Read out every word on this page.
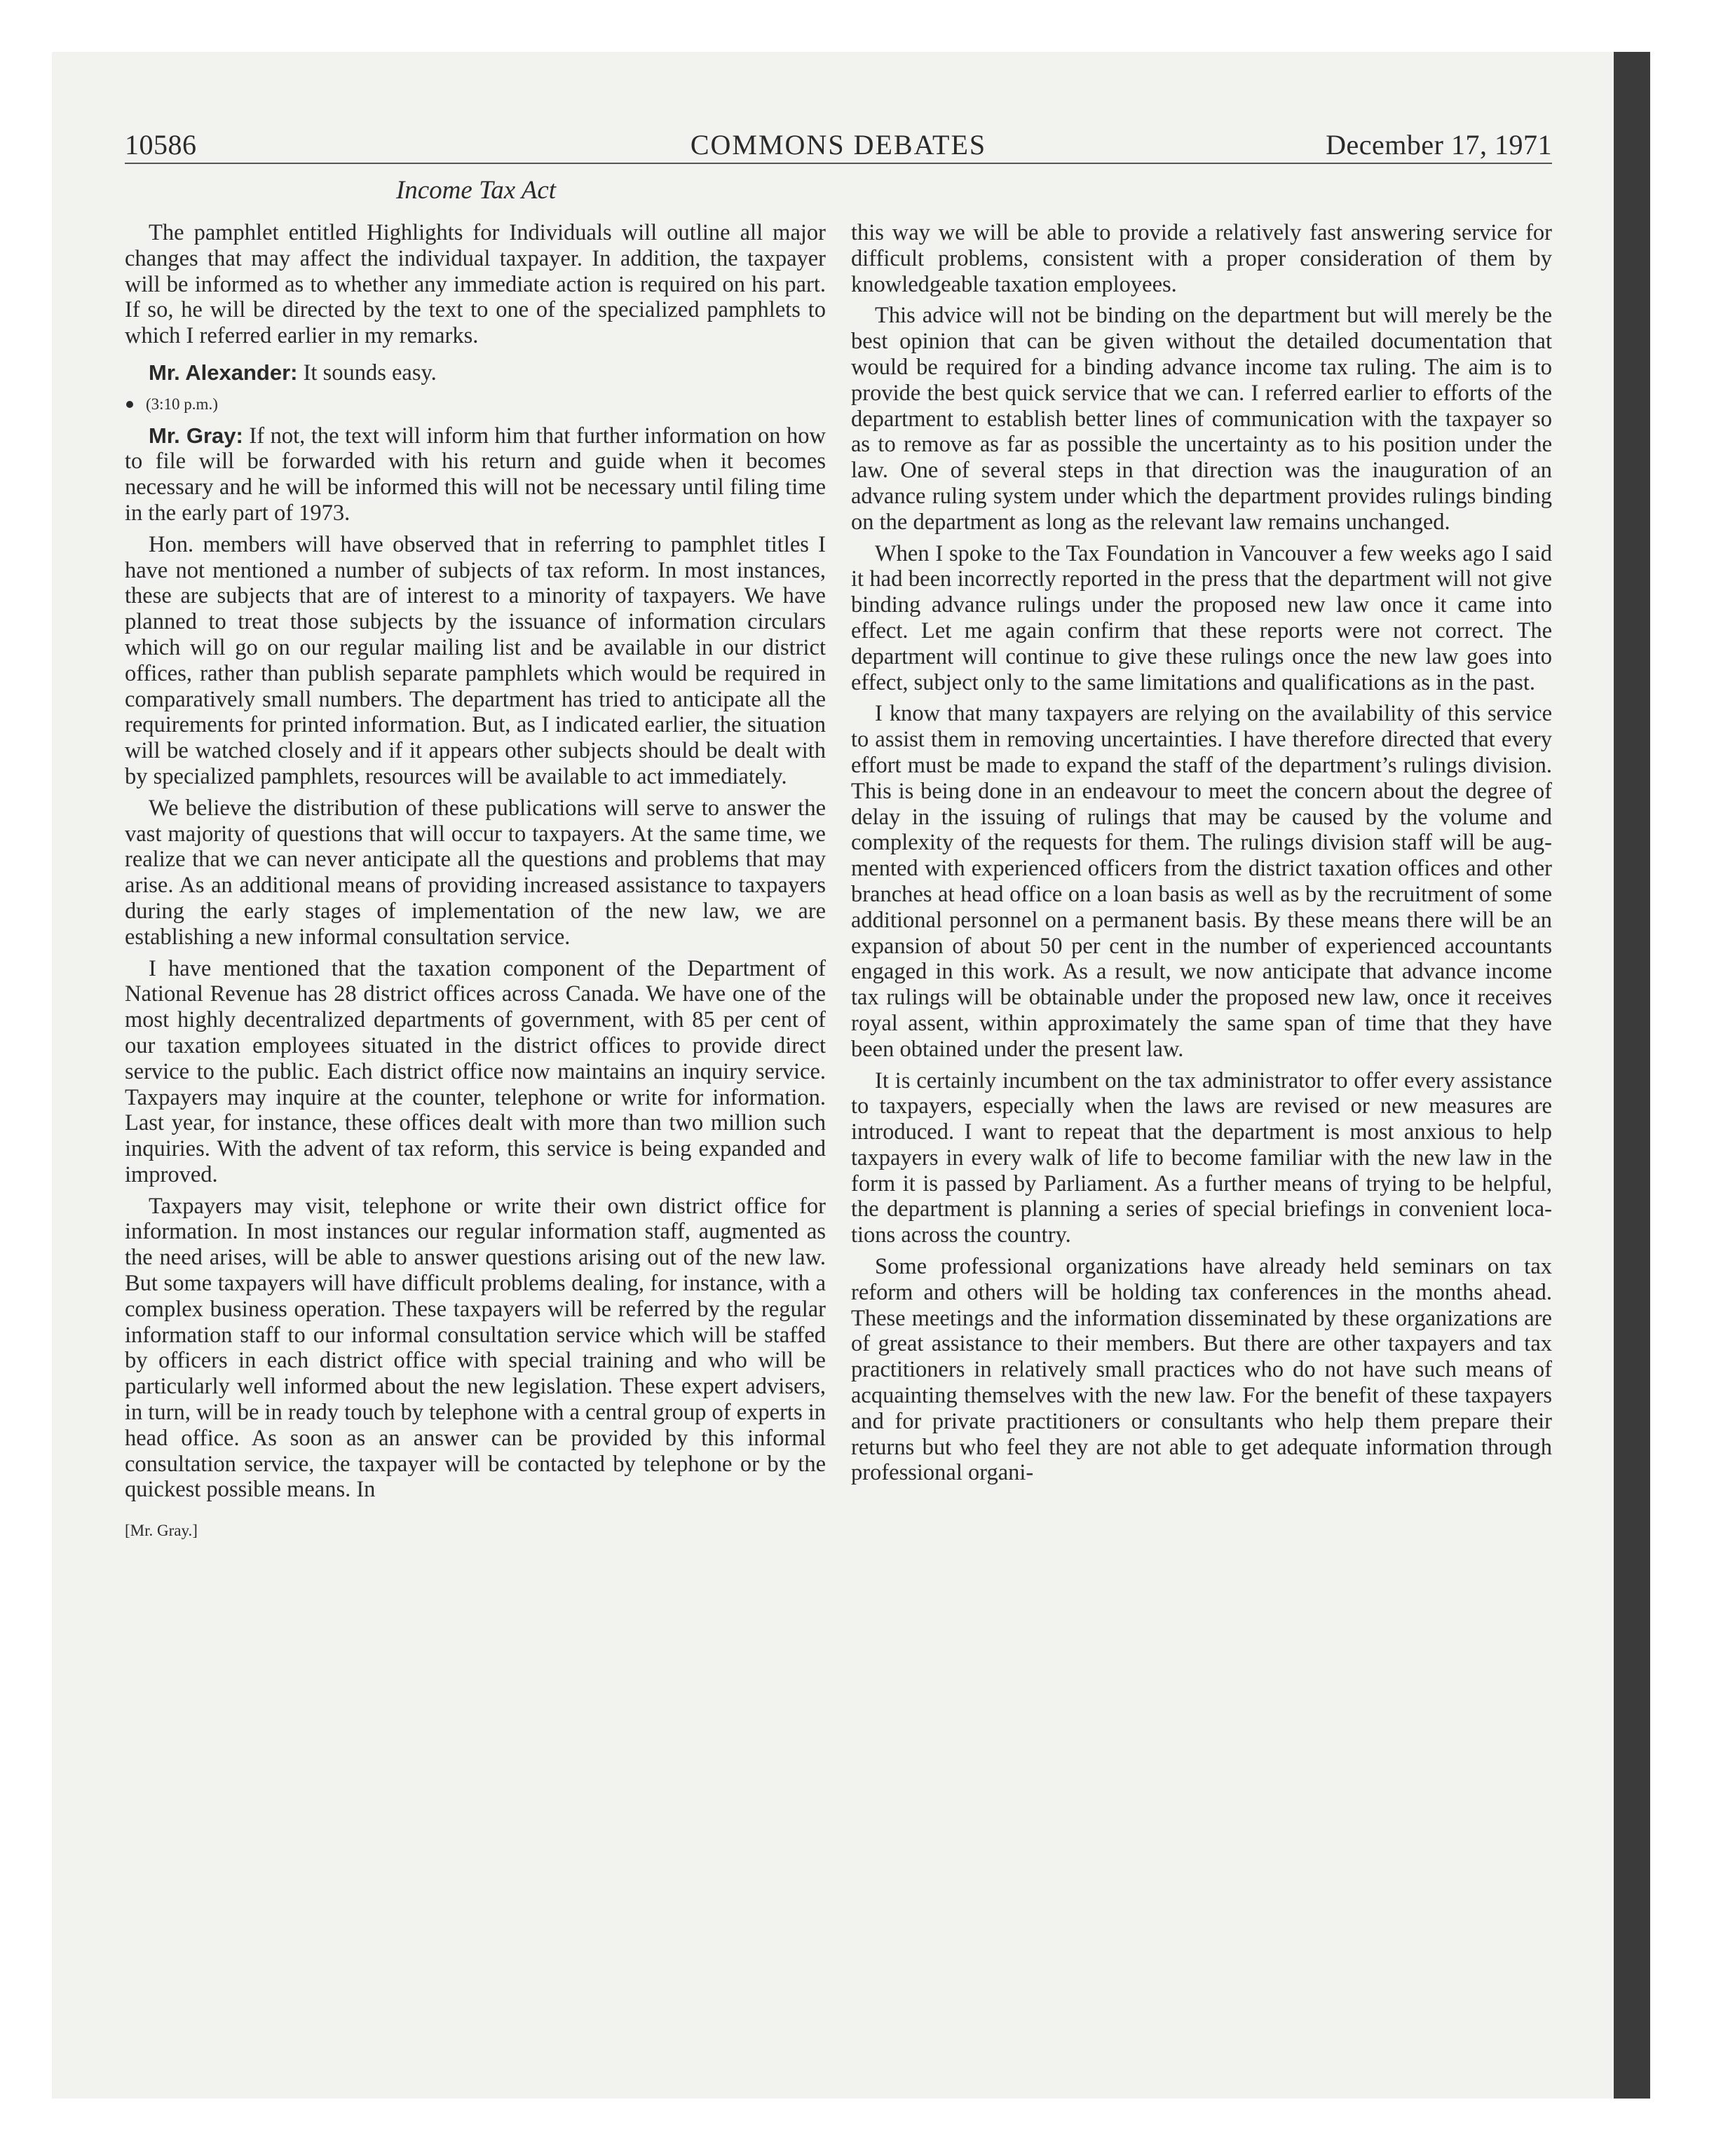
10586	COMMONS DEBATES	December 17, 1971
Income Tax Act

The pamphlet entitled Highlights for Individuals will outline all major changes that may affect the individual taxpayer. In addition, the taxpayer will be informed as to whether any immediate action is required on his part. If so, he will be directed by the text to one of the specialized pamphlets to which I referred earlier in my remarks.

Mr. Alexander: It sounds easy.

(3:10 p.m.)

Mr. Gray: If not, the text will inform him that further information on how to file will be forwarded with his return and guide when it becomes necessary and he will be informed this will not be necessary until filing time in the early part of 1973.

Hon. members will have observed that in referring to pamphlet titles I have not mentioned a number of subjects of tax reform. In most instances, these are subjects that are of interest to a minority of taxpayers. We have planned to treat those subjects by the issuance of information circulars which will go on our regular mailing list and be available in our district offices, rather than publish separate pamphlets which would be required in comparatively small numbers. The department has tried to anticipate all the requirements for printed information. But, as I indicated earlier, the situation will be watched closely and if it appears other subjects should be dealt with by specialized pamphlets, resources will be available to act immediately.

We believe the distribution of these publications will serve to answer the vast majority of questions that will occur to taxpayers. At the same time, we realize that we can never anticipate all the questions and problems that may arise. As an additional means of providing increased assistance to taxpayers during the early stages of implementation of the new law, we are establishing a new informal consultation service.

I have mentioned that the taxation component of the Department of National Revenue has 28 district offices across Canada. We have one of the most highly decentralized departments of government, with 85 per cent of our taxation employees situated in the district offices to provide direct service to the public. Each district office now maintains an inquiry service. Taxpayers may inquire at the counter, telephone or write for information. Last year, for instance, these offices dealt with more than two million such inquiries. With the advent of tax reform, this service is being expanded and improved.

Taxpayers may visit, telephone or write their own district office for information. In most instances our regular information staff, augmented as the need arises, will be able to answer questions arising out of the new law. But some taxpayers will have difficult problems dealing, for instance, with a complex business operation. These taxpayers will be referred by the regular information staff to our informal consultation service which will be staffed by officers in each district office with special training and who will be particularly well informed about the new legislation. These expert advisers, in turn, will be in ready touch by telephone with a central group of experts in head office. As soon as an answer can be provided by this informal consultation service, the taxpayer will be contacted by telephone or by the quickest possible means. In

[Mr. Gray.]

this way we will be able to provide a relatively fast answering service for difficult problems, consistent with a proper consideration of them by knowledgeable taxation employees.

This advice will not be binding on the department but will merely be the best opinion that can be given without the detailed documentation that would be required for a binding advance income tax ruling. The aim is to provide the best quick service that we can. I referred earlier to efforts of the department to establish better lines of communication with the taxpayer so as to remove as far as possible the uncertainty as to his position under the law. One of several steps in that direction was the inauguration of an advance ruling system under which the department provides rulings binding on the department as long as the relevant law remains unchanged.

When I spoke to the Tax Foundation in Vancouver a few weeks ago I said it had been incorrectly reported in the press that the department will not give binding advance rulings under the proposed new law once it came into effect. Let me again confirm that these reports were not correct. The department will continue to give these rulings once the new law goes into effect, subject only to the same limitations and qualifications as in the past.

I know that many taxpayers are relying on the availability of this service to assist them in removing uncertainties. I have therefore directed that every effort must be made to expand the staff of the department’s rulings division. This is being done in an endeavour to meet the concern about the degree of delay in the issuing of rulings that may be caused by the volume and complexity of the requests for them. The rulings division staff will be augmented with experienced officers from the district taxation offices and other branches at head office on a loan basis as well as by the recruitment of some additional personnel on a permanent basis. By these means there will be an expansion of about 50 per cent in the number of experienced accountants engaged in this work. As a result, we now anticipate that advance income tax rulings will be obtainable under the proposed new law, once it receives royal assent, within approximately the same span of time that they have been obtained under the present law.

It is certainly incumbent on the tax administrator to offer every assistance to taxpayers, especially when the laws are revised or new measures are introduced. I want to repeat that the department is most anxious to help taxpayers in every walk of life to become familiar with the new law in the form it is passed by Parliament. As a further means of trying to be helpful, the department is planning a series of special briefings in convenient locations across the country.

Some professional organizations have already held seminars on tax reform and others will be holding tax conferences in the months ahead. These meetings and the information disseminated by these organizations are of great assistance to their members. But there are other taxpayers and tax practitioners in relatively small practices who do not have such means of acquainting themselves with the new law. For the benefit of these taxpayers and for private practitioners or consultants who help them prepare their returns but who feel they are not able to get adequate information through professional organi-
